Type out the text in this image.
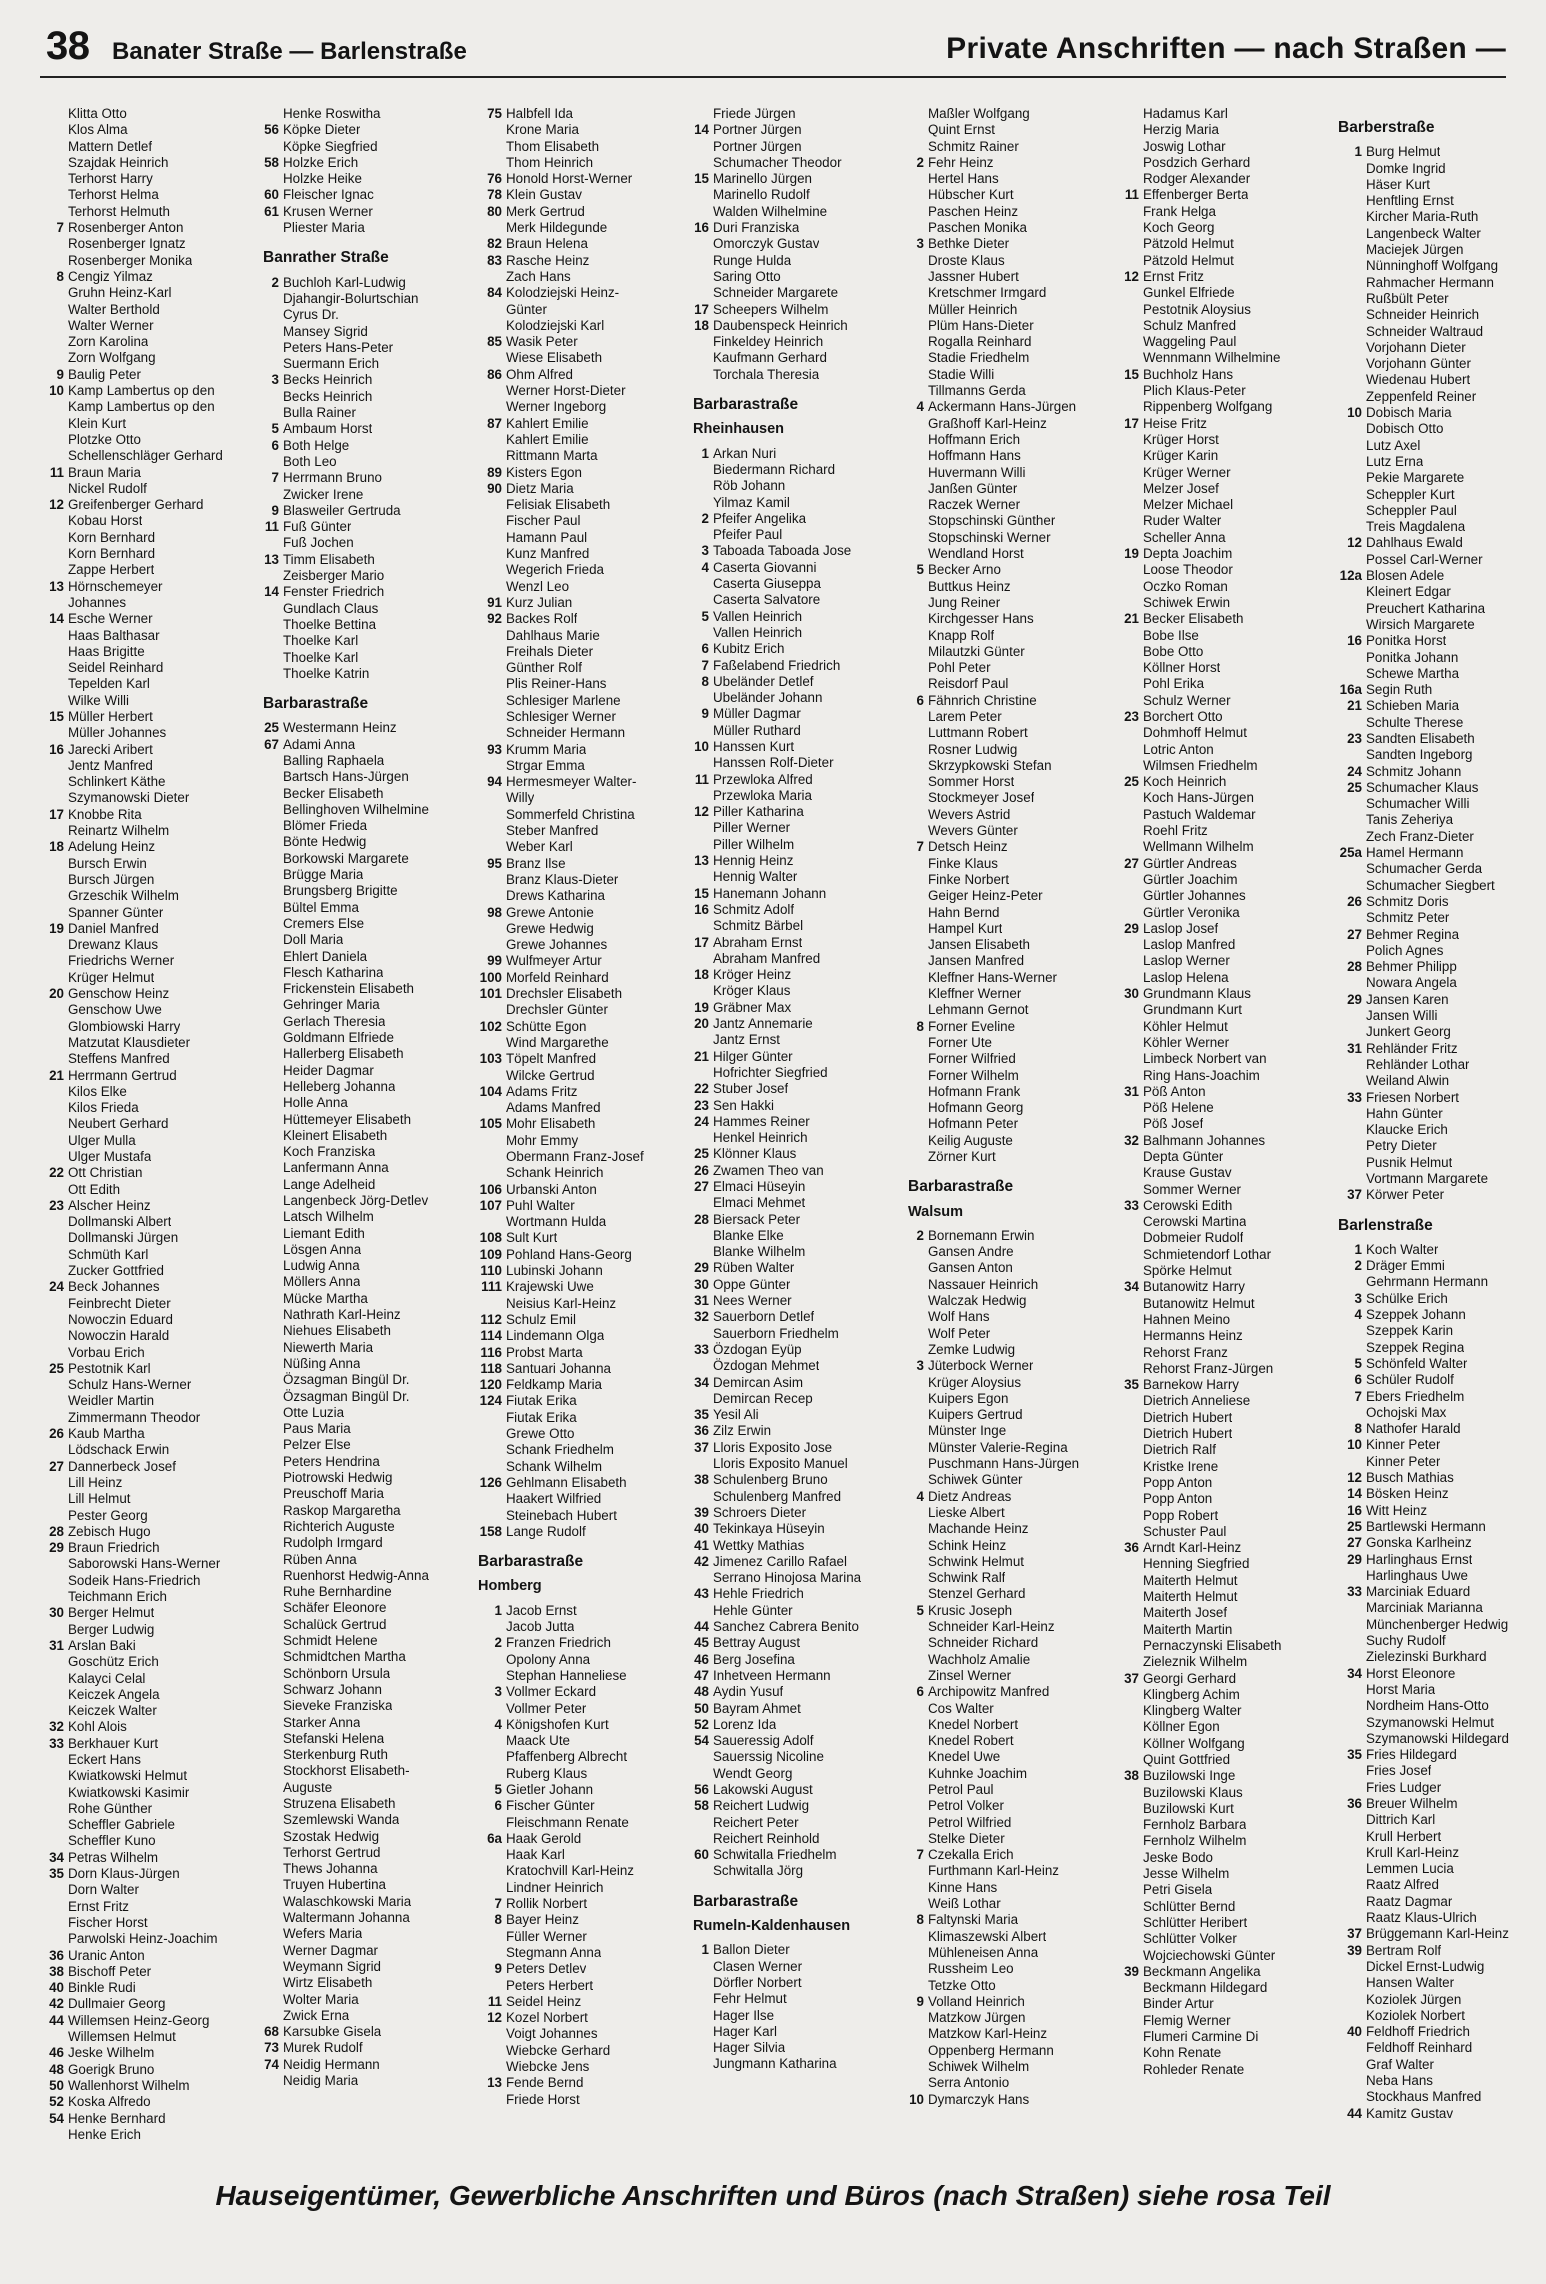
38 Banater Straße — Barlenstraße	Private Anschriften — nach Straßen —
Klitta Otto
Klos Alma
Mattern Detlef
Szajdak Heinrich
Terhorst Harry
Terhorst Helma
Terhorst Helmuth
7 Rosenberger Anton
Rosenberger Ignatz
Rosenberger Monika
8 Cengiz Yilmaz
Gruhn Heinz-Karl
Walter Berthold
Walter Werner
Zorn Karolina
Zorn Wolfgang
9 Baulig Peter
10 Kamp Lambertus op den
Kamp Lambertus op den
Klein Kurt
Plotzke Otto
Schellenschläger Gerhard
11 Braun Maria
Nickel Rudolf
12 Greifenberger Gerhard
Kobau Horst
Korn Bernhard
Korn Bernhard
Zappe Herbert
13 Hörnschemeyer
Johannes
14 Esche Werner
Haas Balthasar
Haas Brigitte
Seidel Reinhard
Tepelden Karl
Wilke Willi
15 Müller Herbert
Müller Johannes
16 Jarecki Aribert
Jentz Manfred
Schlinkert Käthe
Szymanowski Dieter
17 Knobbe Rita
Reinartz Wilhelm
18 Adelung Heinz
Bursch Erwin
Bursch Jürgen
Grzeschik Wilhelm
Spanner Günter
19 Daniel Manfred
Drewanz Klaus
Friedrichs Werner
Krüger Helmut
20 Genschow Heinz
Genschow Uwe
Glombiowski Harry
Matzutat Klausdieter
Steffens Manfred
21 Herrmann Gertrud
Kilos Elke
Kilos Frieda
Neubert Gerhard
Ulger Mulla
Ulger Mustafa
22 Ott Christian
Ott Edith
23 Alscher Heinz
Dollmanski Albert
Dollmanski Jürgen
Schmüth Karl
Zucker Gottfried
24 Beck Johannes
Feinbrecht Dieter
Nowoczin Eduard
Nowoczin Harald
Vorbau Erich
25 Pestotnik Karl
Schulz Hans-Werner
Weidler Martin
Zimmermann Theodor
26 Kaub Martha
Lödschack Erwin
27 Dannerbeck Josef
Lill Heinz
Lill Helmut
Pester Georg
28 Zebisch Hugo
29 Braun Friedrich
Saborowski Hans-Werner
Sodeik Hans-Friedrich
Teichmann Erich
30 Berger Helmut
Berger Ludwig
31 Arslan Baki
Goschütz Erich
Kalayci Celal
Keiczek Angela
Keiczek Walter
32 Kohl Alois
33 Berkhauer Kurt
Eckert Hans
Kwiatkowski Helmut
Kwiatkowski Kasimir
Rohe Günther
Scheffler Gabriele
Scheffler Kuno
34 Petras Wilhelm
35 Dorn Klaus-Jürgen
Dorn Walter
Ernst Fritz
Fischer Horst
Parwolski Heinz-Joachim
36 Uranic Anton
38 Bischoff Peter
40 Binkle Rudi
42 Dullmaier Georg
44 Willemsen Heinz-Georg
Willemsen Helmut
46 Jeske Wilhelm
48 Goerigk Bruno
50 Wallenhorst Wilhelm
52 Koska Alfredo
54 Henke Bernhard
Henke Erich
Henke Roswitha
56 Köpke Dieter
Köpke Siegfried
58 Holzke Erich
Holzke Heike
60 Fleischer Ignac
61 Krusen Werner
Pliester Maria
Banrather Straße
2 Buchloh Karl-Ludwig
Djahangir-Bolurtschian
Cyrus Dr.
Mansey Sigrid
Peters Hans-Peter
Suermann Erich
3 Becks Heinrich
Becks Heinrich
Bulla Rainer
5 Ambaum Horst
6 Both Helge
Both Leo
7 Herrmann Bruno
Zwicker Irene
9 Blasweiler Gertruda
11 Fuß Günter
Fuß Jochen
13 Timm Elisabeth
Zeisberger Mario
14 Fenster Friedrich
Gundlach Claus
Thoelke Bettina
Thoelke Karl
Thoelke Karl
Thoelke Katrin
Barbarastraße
25 Westermann Heinz
67 Adami Anna
Balling Raphaela
Bartsch Hans-Jürgen
Becker Elisabeth
Bellinghoven Wilhelmine
Blömer Frieda
Bönte Hedwig
Borkowski Margarete
Brügge Maria
Brungsberg Brigitte
Bültel Emma
Cremers Else
Doll Maria
Ehlert Daniela
Flesch Katharina
Frickenstein Elisabeth
Gehringer Maria
Gerlach Theresia
Goldmann Elfriede
Hallerberg Elisabeth
Heider Dagmar
Helleberg Johanna
Holle Anna
Hüttemeyer Elisabeth
Kleinert Elisabeth
Koch Franziska
Lanfermann Anna
Lange Adelheid
Langenbeck Jörg-Detlev
Latsch Wilhelm
Liemant Edith
Lösgen Anna
Ludwig Anna
Möllers Anna
Mücke Martha
Nathrath Karl-Heinz
Niehues Elisabeth
Niewerth Maria
Nüßing Anna
Özsagman Bingül Dr.
Özsagman Bingül Dr.
Otte Luzia
Paus Maria
Pelzer Else
Peters Hendrina
Piotrowski Hedwig
Preuschoff Maria
Raskop Margaretha
Richterich Auguste
Rudolph Irmgard
Rüben Anna
Ruenhorst Hedwig-Anna
Ruhe Bernhardine
Schäfer Eleonore
Schalück Gertrud
Schmidt Helene
Schmidtchen Martha
Schönborn Ursula
Schwarz Johann
Sieveke Franziska
Starker Anna
Stefanski Helena
Sterkenburg Ruth
Stockhorst Elisabeth-
Auguste
Struzena Elisabeth
Szemlewski Wanda
Szostak Hedwig
Terhorst Gertrud
Thews Johanna
Truyen Hubertina
Walaschkowski Maria
Waltermann Johanna
Wefers Maria
Werner Dagmar
Weymann Sigrid
Wirtz Elisabeth
Wolter Maria
Zwick Erna
68 Karsubke Gisela
73 Murek Rudolf
74 Neidig Hermann
Neidig Maria
75 Halbfell Ida
Krone Maria
Thom Elisabeth
Thom Heinrich
76 Honold Horst-Werner
78 Klein Gustav
80 Merk Gertrud
Merk Hildegunde
82 Braun Helena
83 Rasche Heinz
Zach Hans
84 Kolodziejski Heinz-
Günter
Kolodziejski Karl
85 Wasik Peter
Wiese Elisabeth
86 Ohm Alfred
Werner Horst-Dieter
Werner Ingeborg
87 Kahlert Emilie
Kahlert Emilie
Rittmann Marta
89 Kisters Egon
90 Dietz Maria
Felisiak Elisabeth
Fischer Paul
Hamann Paul
Kunz Manfred
Wegerich Frieda
Wenzl Leo
91 Kurz Julian
92 Backes Rolf
Dahlhaus Marie
Freihals Dieter
Günther Rolf
Plis Reiner-Hans
Schlesiger Marlene
Schlesiger Werner
Schneider Hermann
93 Krumm Maria
Strgar Emma
94 Hermesmeyer Walter-
Willy
Sommerfeld Christina
Steber Manfred
Weber Karl
95 Branz Ilse
Branz Klaus-Dieter
Drews Katharina
98 Grewe Antonie
Grewe Hedwig
Grewe Johannes
99 Wulfmeyer Artur
100 Morfeld Reinhard
101 Drechsler Elisabeth
Drechsler Günter
102 Schütte Egon
Wind Margarethe
103 Töpelt Manfred
Wilcke Gertrud
104 Adams Fritz
Adams Manfred
105 Mohr Elisabeth
Mohr Emmy
Obermann Franz-Josef
Schank Heinrich
106 Urbanski Anton
107 Puhl Walter
Wortmann Hulda
108 Sult Kurt
109 Pohland Hans-Georg
110 Lubinski Johann
111 Krajewski Uwe
Neisius Karl-Heinz
112 Schulz Emil
114 Lindemann Olga
116 Probst Marta
118 Santuari Johanna
120 Feldkamp Maria
124 Fiutak Erika
Fiutak Erika
Grewe Otto
Schank Friedhelm
Schank Wilhelm
126 Gehlmann Elisabeth
Haakert Wilfried
Steinebach Hubert
158 Lange Rudolf
Barbarastraße
Homberg
1 Jacob Ernst
Jacob Jutta
2 Franzen Friedrich
Opolony Anna
Stephan Hanneliese
3 Vollmer Eckard
Vollmer Peter
4 Königshofen Kurt
Maack Ute
Pfaffenberg Albrecht
Ruberg Klaus
5 Gietler Johann
6 Fischer Günter
Fleischmann Renate
6a Haak Gerold
Haak Karl
Kratochvill Karl-Heinz
Lindner Heinrich
7 Rollik Norbert
8 Bayer Heinz
Füller Werner
Stegmann Anna
9 Peters Detlev
Peters Herbert
11 Seidel Heinz
12 Kozel Norbert
Voigt Johannes
Wiebcke Gerhard
Wiebcke Jens
13 Fende Bernd
Friede Horst
Friede Jürgen
14 Portner Jürgen
Portner Jürgen
Schumacher Theodor
15 Marinello Jürgen
Marinello Rudolf
Walden Wilhelmine
16 Duri Franziska
Omorczyk Gustav
Runge Hulda
Saring Otto
Schneider Margarete
17 Scheepers Wilhelm
18 Daubenspeck Heinrich
Finkeldey Heinrich
Kaufmann Gerhard
Torchala Theresia
Barbarastraße
Rheinhausen
1 Arkan Nuri
Biedermann Richard
Röb Johann
Yilmaz Kamil
2 Pfeifer Angelika
Pfeifer Paul
3 Taboada Taboada Jose
4 Caserta Giovanni
Caserta Giuseppa
Caserta Salvatore
5 Vallen Heinrich
Vallen Heinrich
6 Kubitz Erich
7 Faßelabend Friedrich
8 Ubeländer Detlef
Ubeländer Johann
9 Müller Dagmar
Müller Ruthard
10 Hanssen Kurt
Hanssen Rolf-Dieter
11 Przewloka Alfred
Przewloka Maria
12 Piller Katharina
Piller Werner
Piller Wilhelm
13 Hennig Heinz
Hennig Walter
15 Hanemann Johann
16 Schmitz Adolf
Schmitz Bärbel
17 Abraham Ernst
Abraham Manfred
18 Kröger Heinz
Kröger Klaus
19 Gräbner Max
20 Jantz Annemarie
Jantz Ernst
21 Hilger Günter
Hofrichter Siegfried
22 Stuber Josef
23 Sen Hakki
24 Hammes Reiner
Henkel Heinrich
25 Klönner Klaus
26 Zwamen Theo van
27 Elmaci Hüseyin
Elmaci Mehmet
28 Biersack Peter
Blanke Elke
Blanke Wilhelm
29 Rüben Walter
30 Oppe Günter
31 Nees Werner
32 Sauerborn Detlef
Sauerborn Friedhelm
33 Özdogan Eyüp
Özdogan Mehmet
34 Demircan Asim
Demircan Recep
35 Yesil Ali
36 Zilz Erwin
37 Lloris Exposito Jose
Lloris Exposito Manuel
38 Schulenberg Bruno
Schulenberg Manfred
39 Schroers Dieter
40 Tekinkaya Hüseyin
41 Wettky Mathias
42 Jimenez Carillo Rafael
Serrano Hinojosa Marina
43 Hehle Friedrich
Hehle Günter
44 Sanchez Cabrera Benito
45 Bettray August
46 Berg Josefina
47 Inhetveen Hermann
48 Aydin Yusuf
50 Bayram Ahmet
52 Lorenz Ida
54 Saueressig Adolf
Sauerssig Nicoline
Wendt Georg
56 Lakowski August
58 Reichert Ludwig
Reichert Peter
Reichert Reinhold
60 Schwitalla Friedhelm
Schwitalla Jörg
Barbarastraße
Rumeln-Kaldenhausen
1 Ballon Dieter
Clasen Werner
Dörfler Norbert
Fehr Helmut
Hager Ilse
Hager Karl
Hager Silvia
Jungmann Katharina
Maßler Wolfgang
Quint Ernst
Schmitz Rainer
2 Fehr Heinz
Hertel Hans
Hübscher Kurt
Paschen Heinz
Paschen Monika
3 Bethke Dieter
Droste Klaus
Jassner Hubert
Kretschmer Irmgard
Müller Heinrich
Plüm Hans-Dieter
Rogalla Reinhard
Stadie Friedhelm
Stadie Willi
Tillmanns Gerda
4 Ackermann Hans-Jürgen
Graßhoff Karl-Heinz
Hoffmann Erich
Hoffmann Hans
Huvermann Willi
Janßen Günter
Raczek Werner
Stopschinski Günther
Stopschinski Werner
Wendland Horst
5 Becker Arno
Buttkus Heinz
Jung Reiner
Kirchgesser Hans
Knapp Rolf
Milautzki Günter
Pohl Peter
Reisdorf Paul
6 Fähnrich Christine
Larem Peter
Luttmann Robert
Rosner Ludwig
Skrzypkowski Stefan
Sommer Horst
Stockmeyer Josef
Wevers Astrid
Wevers Günter
7 Detsch Heinz
Finke Klaus
Finke Norbert
Geiger Heinz-Peter
Hahn Bernd
Hampel Kurt
Jansen Elisabeth
Jansen Manfred
Kleffner Hans-Werner
Kleffner Werner
Lehmann Gernot
8 Forner Eveline
Forner Ute
Forner Wilfried
Forner Wilhelm
Hofmann Frank
Hofmann Georg
Hofmann Peter
Keilig Auguste
Zörner Kurt
Barbarastraße
Walsum
2 Bornemann Erwin
Gansen Andre
Gansen Anton
Nassauer Heinrich
Walczak Hedwig
Wolf Hans
Wolf Peter
Zemke Ludwig
3 Jüterbock Werner
Krüger Aloysius
Kuipers Egon
Kuipers Gertrud
Münster Inge
Münster Valerie-Regina
Puschmann Hans-Jürgen
Schiwek Günter
4 Dietz Andreas
Lieske Albert
Machande Heinz
Schink Heinz
Schwink Helmut
Schwink Ralf
Stenzel Gerhard
5 Krusic Joseph
Schneider Karl-Heinz
Schneider Richard
Wachholz Amalie
Zinsel Werner
6 Archipowitz Manfred
Cos Walter
Knedel Norbert
Knedel Robert
Knedel Uwe
Kuhnke Joachim
Petrol Paul
Petrol Volker
Petrol Wilfried
Stelke Dieter
7 Czekalla Erich
Furthmann Karl-Heinz
Kinne Hans
Weiß Lothar
8 Faltynski Maria
Klimaszewski Albert
Mühleneisen Anna
Russheim Leo
Tetzke Otto
9 Volland Heinrich
Matzkow Jürgen
Matzkow Karl-Heinz
Oppenberg Hermann
Schiwek Wilhelm
Serra Antonio
10 Dymarczyk Hans
Hadamus Karl
Herzig Maria
Joswig Lothar
Posdzich Gerhard
Rodger Alexander
11 Effenberger Berta
Frank Helga
Koch Georg
Pätzold Helmut
Pätzold Helmut
12 Ernst Fritz
Gunkel Elfriede
Pestotnik Aloysius
Schulz Manfred
Waggeling Paul
Wennmann Wilhelmine
15 Buchholz Hans
Plich Klaus-Peter
Rippenberg Wolfgang
17 Heise Fritz
Krüger Horst
Krüger Karin
Krüger Werner
Melzer Josef
Melzer Michael
Ruder Walter
Scheller Anna
19 Depta Joachim
Loose Theodor
Oczko Roman
Schiwek Erwin
21 Becker Elisabeth
Bobe Ilse
Bobe Otto
Köllner Horst
Pohl Erika
Schulz Werner
23 Borchert Otto
Dohmhoff Helmut
Lotric Anton
Wilmsen Friedhelm
25 Koch Heinrich
Koch Hans-Jürgen
Pastuch Waldemar
Roehl Fritz
Wellmann Wilhelm
27 Gürtler Andreas
Gürtler Joachim
Gürtler Johannes
Gürtler Veronika
29 Laslop Josef
Laslop Manfred
Laslop Werner
Laslop Helena
30 Grundmann Klaus
Grundmann Kurt
Köhler Helmut
Köhler Werner
Limbeck Norbert van
Ring Hans-Joachim
31 Pöß Anton
Pöß Helene
Pöß Josef
32 Balhmann Johannes
Depta Günter
Krause Gustav
Sommer Werner
33 Cerowski Edith
Cerowski Martina
Dobmeier Rudolf
Schmietendorf Lothar
Spörke Helmut
34 Butanowitz Harry
Butanowitz Helmut
Hahnen Meino
Hermanns Heinz
Rehorst Franz
Rehorst Franz-Jürgen
35 Barnekow Harry
Dietrich Anneliese
Dietrich Hubert
Dietrich Hubert
Dietrich Ralf
Kristke Irene
Popp Anton
Popp Anton
Popp Robert
Schuster Paul
36 Arndt Karl-Heinz
Henning Siegfried
Maiterth Helmut
Maiterth Helmut
Maiterth Josef
Maiterth Martin
Pernaczynski Elisabeth
Zieleznik Wilhelm
37 Georgi Gerhard
Klingberg Achim
Klingberg Walter
Köllner Egon
Köllner Wolfgang
Quint Gottfried
38 Buzilowski Inge
Buzilowski Klaus
Buzilowski Kurt
Fernholz Barbara
Fernholz Wilhelm
Jeske Bodo
Jesse Wilhelm
Petri Gisela
Schlütter Bernd
Schlütter Heribert
Schlütter Volker
Wojciechowski Günter
39 Beckmann Angelika
Beckmann Hildegard
Binder Artur
Flemig Werner
Flumeri Carmine Di
Kohn Renate
Rohleder Renate
Barberstraße
1 Burg Helmut
Domke Ingrid
Häser Kurt
Henftling Ernst
Kircher Maria-Ruth
Langenbeck Walter
Maciejek Jürgen
Nünninghoff Wolfgang
Rahmacher Hermann
Rußbült Peter
Schneider Heinrich
Schneider Waltraud
Vorjohann Dieter
Vorjohann Günter
Wiedenau Hubert
Zeppenfeld Reiner
10 Dobisch Maria
Dobisch Otto
Lutz Axel
Lutz Erna
Pekie Margarete
Scheppler Kurt
Scheppler Paul
Treis Magdalena
12 Dahlhaus Ewald
Possel Carl-Werner
12a Blosen Adele
Kleinert Edgar
Preuchert Katharina
Wirsich Margarete
16 Ponitka Horst
Ponitka Johann
Schewe Martha
16a Segin Ruth
21 Schieben Maria
Schulte Therese
23 Sandten Elisabeth
Sandten Ingeborg
24 Schmitz Johann
25 Schumacher Klaus
Schumacher Willi
Tanis Zeheriya
Zech Franz-Dieter
25a Hamel Hermann
Schumacher Gerda
Schumacher Siegbert
26 Schmitz Doris
Schmitz Peter
27 Behmer Regina
Polich Agnes
28 Behmer Philipp
Nowara Angela
29 Jansen Karen
Jansen Willi
Junkert Georg
31 Rehländer Fritz
Rehländer Lothar
Weiland Alwin
33 Friesen Norbert
Hahn Günter
Klaucke Erich
Petry Dieter
Pusnik Helmut
Vortmann Margarete
37 Körwer Peter
Barlenstraße
1 Koch Walter
2 Dräger Emmi
Gehrmann Hermann
3 Schülke Erich
4 Szeppek Johann
Szeppek Karin
Szeppek Regina
5 Schönfeld Walter
6 Schüler Rudolf
7 Ebers Friedhelm
Ochojski Max
8 Nathofer Harald
10 Kinner Peter
Kinner Peter
12 Busch Mathias
14 Bösken Heinz
16 Witt Heinz
25 Bartlewski Hermann
27 Gonska Karlheinz
29 Harlinghaus Ernst
Harlinghaus Uwe
33 Marciniak Eduard
Marciniak Marianna
Münchenberger Hedwig
Suchy Rudolf
Zielezinski Burkhard
34 Horst Eleonore
Horst Maria
Nordheim Hans-Otto
Szymanowski Helmut
Szymanowski Hildegard
35 Fries Hildegard
Fries Josef
Fries Ludger
36 Breuer Wilhelm
Dittrich Karl
Krull Herbert
Krull Karl-Heinz
Lemmen Lucia
Raatz Alfred
Raatz Dagmar
Raatz Klaus-Ulrich
37 Brüggemann Karl-Heinz
39 Bertram Rolf
Dickel Ernst-Ludwig
Hansen Walter
Koziolek Jürgen
Koziolek Norbert
40 Feldhoff Friedrich
Feldhoff Reinhard
Graf Walter
Neba Hans
Stockhaus Manfred
44 Kamitz Gustav
Hauseigentümer, Gewerbliche Anschriften und Büros (nach Straßen) siehe rosa Teil
